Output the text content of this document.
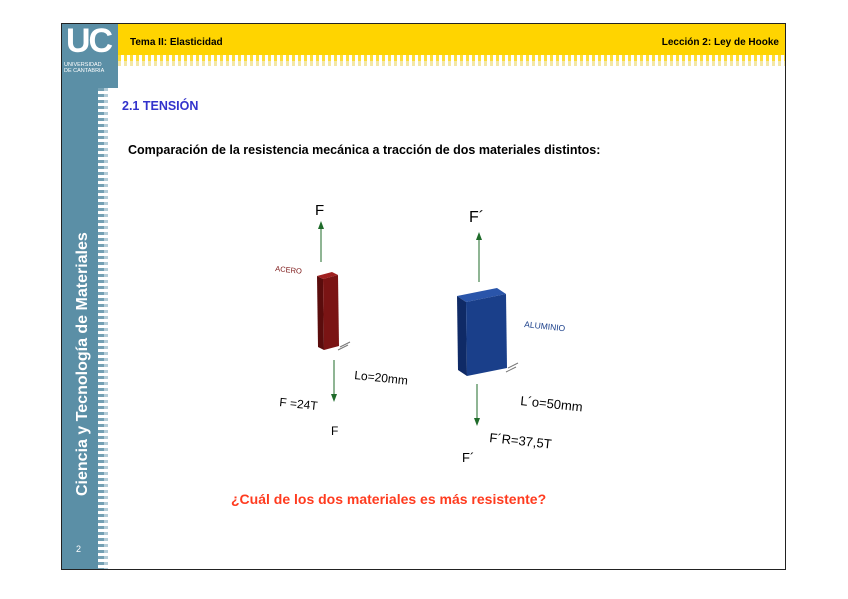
UC
UNIVERSIDAD
DE CANTABRIA
Tema II: Elasticidad	Lección 2: Ley de Hooke
Ciencia y Tecnología de Materiales
2
2.1 TENSIÓN
Comparación de la resistencia mecánica a tracción de dos materiales distintos:
F
ACERO
Lo=20mm
F =24T
F
F´
ALUMINIO
L´o=50mm
F´R=37,5T
F´
¿Cuál de los dos materiales es más resistente?
